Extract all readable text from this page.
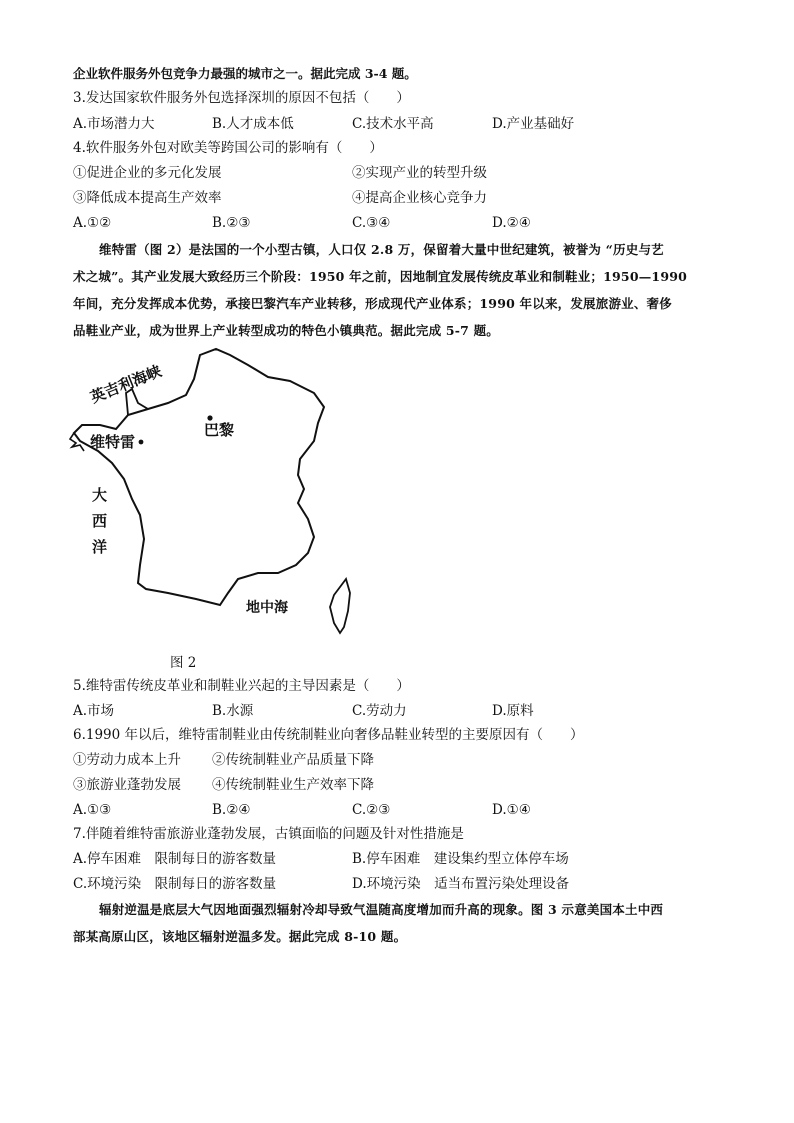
企业软件服务外包竞争力最强的城市之一。据此完成 3-4 题。
3.发达国家软件服务外包选择深圳的原因不包括（　　）
A.市场潜力大	B.人才成本低	C.技术水平高	D.产业基础好
4.软件服务外包对欧美等跨国公司的影响有（　　）
①促进企业的多元化发展	②实现产业的转型升级
③降低成本提高生产效率	④提高企业核心竞争力
A.①②	B.②③	C.③④	D.②④
维特雷（图 2）是法国的一个小型古镇，人口仅 2.8 万，保留着大量中世纪建筑，被誉为 “历史与艺
术之城”。其产业发展大致经历三个阶段：1950 年之前，因地制宜发展传统皮革业和制鞋业；1950—1990
年间，充分发挥成本优势，承接巴黎汽车产业转移，形成现代产业体系；1990 年以来，发展旅游业、奢侈
品鞋业产业，成为世界上产业转型成功的特色小镇典范。据此完成 5-7 题。
英吉利海峡
巴黎
维特雷
大
西
洋
地中海
图 2
5.维特雷传统皮革业和制鞋业兴起的主导因素是（　　）
A.市场	B.水源	C.劳动力	D.原料
6.1990 年以后，维特雷制鞋业由传统制鞋业向奢侈品鞋业转型的主要原因有（　　）
①劳动力成本上升 ②传统制鞋业产品质量下降
③旅游业蓬勃发展 ④传统制鞋业生产效率下降
A.①③	B.②④	C.②③	D.①④
7.伴随着维特雷旅游业蓬勃发展，古镇面临的问题及针对性措施是
A.停车困难　限制每日的游客数量	B.停车困难　建设集约型立体停车场
C.环境污染　限制每日的游客数量	D.环境污染　适当布置污染处理设备
辐射逆温是底层大气因地面强烈辐射冷却导致气温随高度增加而升高的现象。图 3 示意美国本土中西
部某高原山区，该地区辐射逆温多发。据此完成 8-10 题。
